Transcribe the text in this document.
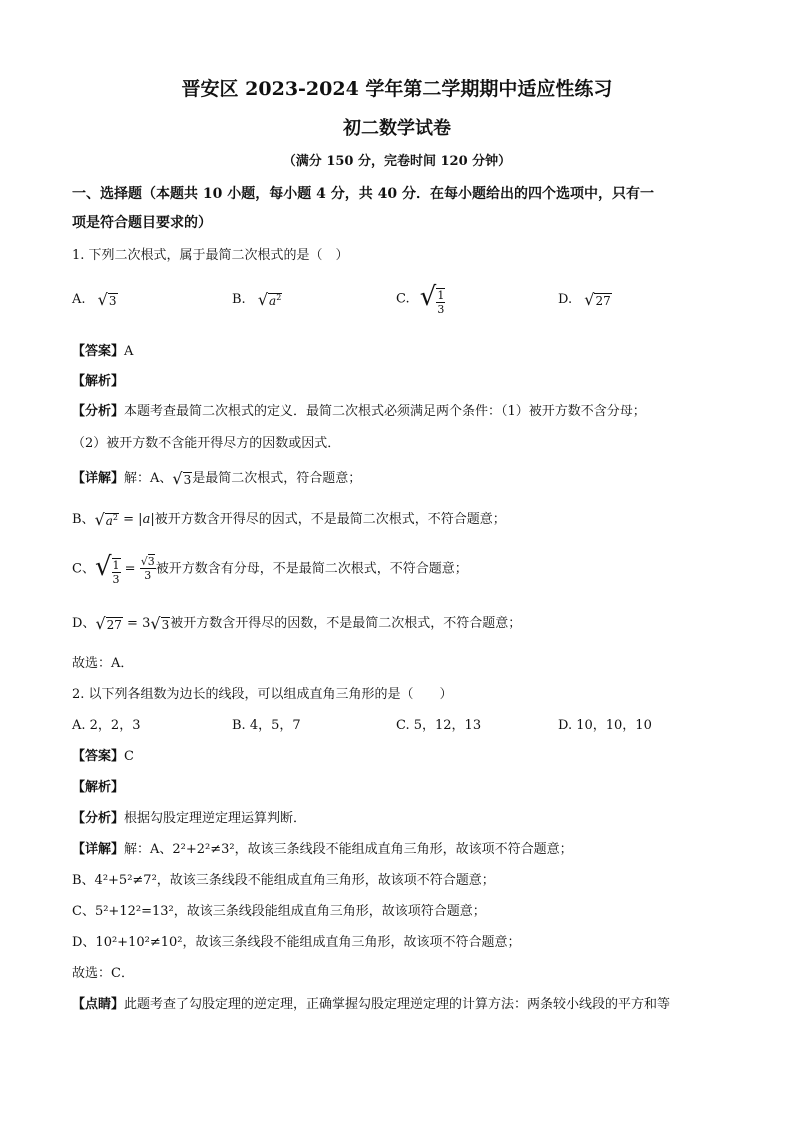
晋安区 2023-2024 学年第二学期期中适应性练习
初二数学试卷
（满分 150 分，完卷时间 120 分钟）
一、选择题（本题共 10 小题，每小题 4 分，共 40 分．在每小题给出的四个选项中，只有一
项是符合题目要求的）
1. 下列二次根式，属于最简二次根式的是（　）
A. √3	B. $√a^2$	C. √ $\frac{1}{3}$	D. √27
【答案】A
【解析】
【分析】本题考查最简二次根式的定义．最简二次根式必须满足两个条件：（1）被开方数不含分母；
（2）被开方数不含能开得尽方的因数或因式．
【详解】解：A、√3是最简二次根式，符合题意；
B、$√a^2 = |a|$被开方数含开得尽的因式，不是最简二次根式，不符合题意；
C、√ $\frac{1}{3} = \frac{√3}{3}$ 被开方数含有分母，不是最简二次根式，不符合题意；
D、√27 = 3√3被开方数含开得尽的因数，不是最简二次根式，不符合题意；
故选：A．
2. 以下列各组数为边长的线段，可以组成直角三角形的是（　　）
A. 2，2，3	B. 4，5，7	C. 5，12，13	D. 10，10，10
【答案】C
【解析】
【分析】根据勾股定理逆定理运算判断．
【详解】解：A、2²+2²≠3²，故该三条线段不能组成直角三角形，故该项不符合题意；
B、4²+5²≠7²，故该三条线段不能组成直角三角形，故该项不符合题意；
C、5²+12²=13²，故该三条线段能组成直角三角形，故该项符合题意；
D、10²+10²≠10²，故该三条线段不能组成直角三角形，故该项不符合题意；
故选：C．
【点睛】此题考查了勾股定理的逆定理，正确掌握勾股定理逆定理的计算方法：两条较小线段的平方和等
